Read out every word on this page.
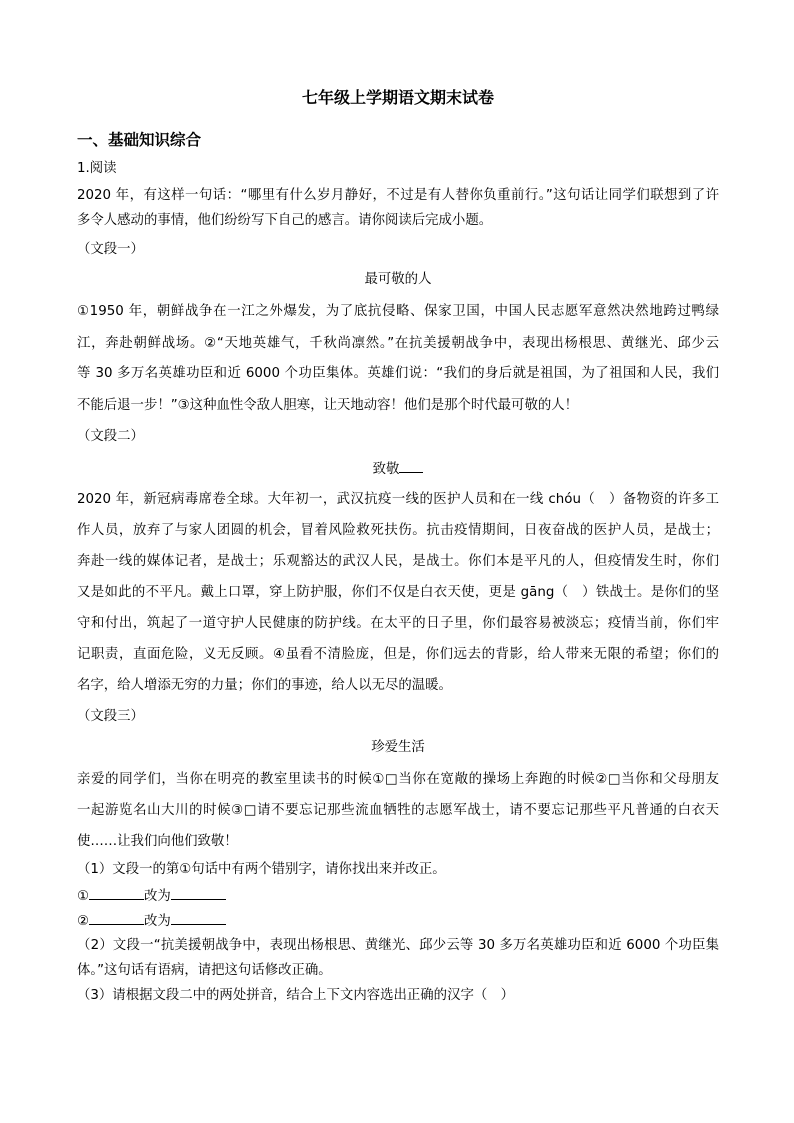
七年级上学期语文期末试卷
一、基础知识综合
1.阅读
2020 年，有这样一句话：“哪里有什么岁月静好，不过是有人替你负重前行。”这句话让同学们联想到了许
多令人感动的事情，他们纷纷写下自己的感言。请你阅读后完成小题。
（文段一）
最可敬的人
①1950 年，朝鲜战争在一江之外爆发，为了底抗侵略、保家卫国，中国人民志愿军意然决然地跨过鸭绿
江，奔赴朝鲜战场。②“天地英雄气，千秋尚凛然。”在抗美援朝战争中，表现出杨根思、黄继光、邱少云
等 30 多万名英雄功臣和近 6000 个功臣集体。英雄们说：“我们的身后就是祖国，为了祖国和人民，我们
不能后退一步！”③这种血性令敌人胆寒，让天地动容！他们是那个时代最可敬的人！
（文段二）
致敬
2020 年，新冠病毒席卷全球。大年初一，武汉抗疫一线的医护人员和在一线 chóu（　）备物资的许多工
作人员，放弃了与家人团圆的机会，冒着风险救死扶伤。抗击疫情期间，日夜奋战的医护人员，是战士；
奔赴一线的媒体记者，是战士；乐观豁达的武汉人民，是战士。你们本是平凡的人，但疫情发生时，你们
又是如此的不平凡。戴上口罩，穿上防护服，你们不仅是白衣天使，更是 gāng（　）铁战士。是你们的坚
守和付出，筑起了一道守护人民健康的防护线。在太平的日子里，你们最容易被淡忘；疫情当前，你们牢
记职责，直面危险，义无反顾。④虽看不清脸庞，但是，你们远去的背影，给人带来无限的希望；你们的
名字，给人增添无穷的力量；你们的事迹，给人以无尽的温暖。
（文段三）
珍爱生活
亲爱的同学们，当你在明亮的教室里读书的时候①□当你在宽敞的操场上奔跑的时候②□当你和父母朋友
一起游览名山大川的时候③□请不要忘记那些流血牺牲的志愿军战士，请不要忘记那些平凡普通的白衣天
使……让我们向他们致敬！
（1）文段一的第①句话中有两个错别字，请你找出来并改正。
①	改为
②	改为
（2）文段一“抗美援朝战争中，表现出杨根思、黄继光、邱少云等 30 多万名英雄功臣和近 6000 个功臣集
体。”这句话有语病，请把这句话修改正确。
（3）请根据文段二中的两处拼音，结合上下文内容选出正确的汉字（　）
